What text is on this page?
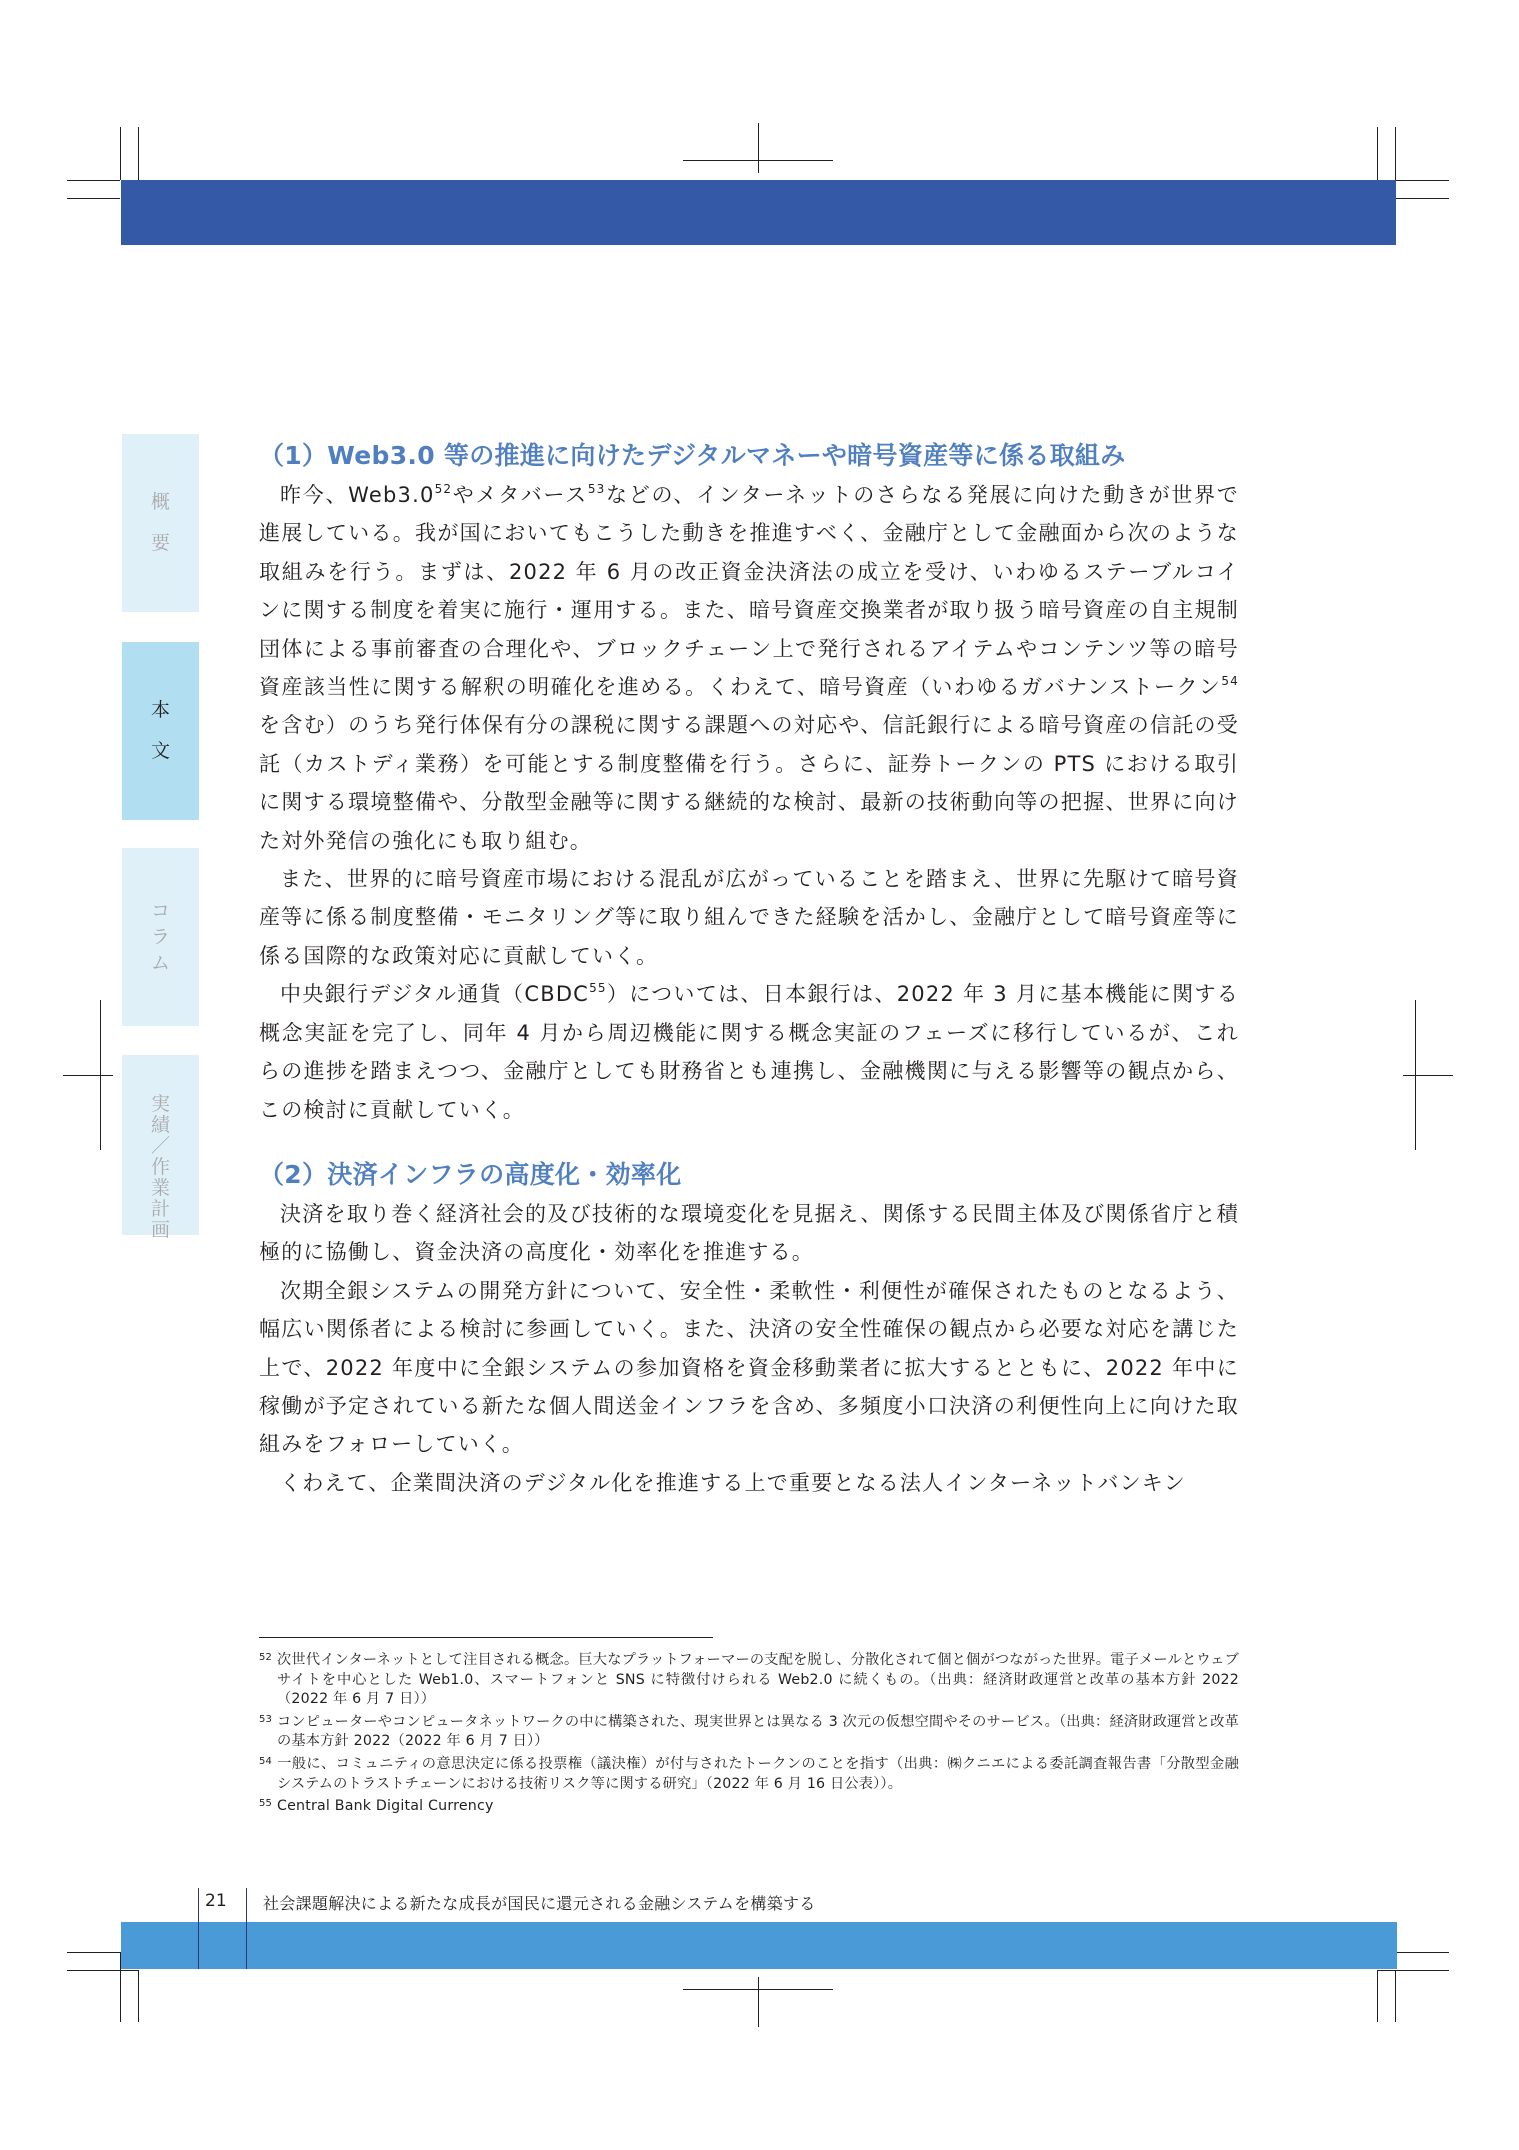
概
要
本
文
コ
ラ
ム
実
績
／
作
業
計
画
（1）Web3.0 等の推進に向けたデジタルマネーや暗号資産等に係る取組み

昨今、$Web3.0^{52}$やメタバース$^{53}$などの、インターネットのさらなる発展に向けた動きが世界で進展している。我が国においてもこうした動きを推進すべく、金融庁として金融面から次のような取組みを行う。まずは、2022 年 6 月の改正資金決済法の成立を受け、いわゆるステーブルコインに関する制度を着実に施行・運用する。また、暗号資産交換業者が取り扱う暗号資産の自主規制団体による事前審査の合理化や、ブロックチェーン上で発行されるアイテムやコンテンツ等の暗号資産該当性に関する解釈の明確化を進める。くわえて、暗号資産（いわゆるガバナンストークン$^{54}$を含む）のうち発行体保有分の課税に関する課題への対応や、信託銀行による暗号資産の信託の受託（カストディ業務）を可能とする制度整備を行う。さらに、証券トークンの PTS における取引に関する環境整備や、分散型金融等に関する継続的な検討、最新の技術動向等の把握、世界に向けた対外発信の強化にも取り組む。

また、世界的に暗号資産市場における混乱が広がっていることを踏まえ、世界に先駆けて暗号資産等に係る制度整備・モニタリング等に取り組んできた経験を活かし、金融庁として暗号資産等に係る国際的な政策対応に貢献していく。

中央銀行デジタル通貨（CBDC$^{55}$）については、日本銀行は、2022 年 3 月に基本機能に関する概念実証を完了し、同年 4 月から周辺機能に関する概念実証のフェーズに移行しているが、これらの進捗を踏まえつつ、金融庁としても財務省とも連携し、金融機関に与える影響等の観点から、この検討に貢献していく。

（2）決済インフラの高度化・効率化

決済を取り巻く経済社会的及び技術的な環境変化を見据え、関係する民間主体及び関係省庁と積極的に協働し、資金決済の高度化・効率化を推進する。

次期全銀システムの開発方針について、安全性・柔軟性・利便性が確保されたものとなるよう、幅広い関係者による検討に参画していく。また、決済の安全性確保の観点から必要な対応を講じた上で、2022 年度中に全銀システムの参加資格を資金移動業者に拡大するとともに、2022 年中に稼働が予定されている新たな個人間送金インフラを含め、多頻度小口決済の利便性向上に向けた取組みをフォローしていく。

くわえて、企業間決済のデジタル化を推進する上で重要となる法人インターネットバンキン

52 次世代インターネットとして注目される概念。巨大なプラットフォーマーの支配を脱し、分散化されて個と個がつながった世界。電子メールとウェブサイトを中心とした Web1.0、スマートフォンと SNS に特徴付けられる Web2.0 に続くもの。（出典：経済財政運営と改革の基本方針 2022（2022 年 6 月 7 日））

53 コンピューターやコンピュータネットワークの中に構築された、現実世界とは異なる 3 次元の仮想空間やそのサービス。（出典：経済財政運営と改革の基本方針 2022（2022 年 6 月 7 日））

54 一般に、コミュニティの意思決定に係る投票権（議決権）が付与されたトークンのことを指す（出典：㈱クニエによる委託調査報告書「分散型金融システムのトラストチェーンにおける技術リスク等に関する研究」（2022 年 6 月 16 日公表））。

55 Central Bank Digital Currency

21 社会課題解決による新たな成長が国民に還元される金融システムを構築する
